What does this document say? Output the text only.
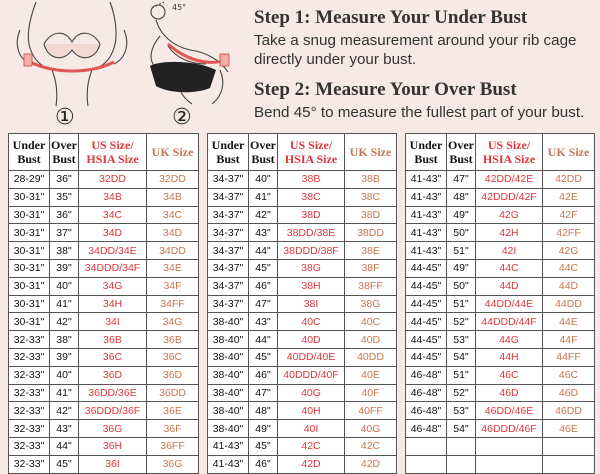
45°
①	②

Step 1: Measure Your Under Bust

Take a snug measurement around your rib cage directly under your bust.

Step 2: Measure Your Over Bust

Bend 45° to measure the fullest part of your bust.

Under Bust	Over Bust	US Size/ HSIA Size	UK Size
28-29"	36"	32DD	32DD
30-31"	35"	34B	34B
30-31"	36"	34C	34C
30-31"	37"	34D	34D
30-31"	38"	34DD/34E	34DD
30-31"	39"	34DDD/34F	34E
30-31"	40"	34G	34F
30-31"	41"	34H	34FF
30-31"	42"	34I	34G
32-33"	38"	36B	36B
32-33"	39"	36C	36C
32-33"	40"	36D	36D
32-33"	41"	36DD/36E	36DD
32-33"	42"	36DDD/36F	36E
32-33"	43"	36G	36F
32-33"	44"	36H	36FF
32-33"	45"	36I	36G
Under Bust	Over Bust	US Size/ HSIA Size	UK Size
34-37"	40"	38B	38B
34-37"	41"	38C	38C
34-37"	42"	38D	38D
34-37"	43"	38DD/38E	38DD
34-37"	44"	38DDD/38F	38E
34-37"	45"	38G	38F
34-37"	46"	38H	38FF
34-37"	47"	38I	38G
38-40"	43"	40C	40C
38-40"	44"	40D	40D
38-40"	45"	40DD/40E	40DD
38-40"	46"	40DDD/40F	40E
38-40"	47"	40G	40F
38-40"	48"	40H	40FF
38-40"	49"	40I	40G
41-43"	45"	42C	42C
41-43"	46"	42D	42D
Under Bust	Over Bust	US Size/ HSIA Size	UK Size
41-43"	47"	42DD/42E	42DD
41-43"	48"	42DDD/42F	42E
41-43"	49"	42G	42F
41-43"	50"	42H	42FF
41-43"	51"	42I	42G
44-45"	49"	44C	44C
44-45"	50"	44D	44D
44-45"	51"	44DD/44E	44DD
44-45"	52"	44DDD/44F	44E
44-45"	53"	44G	44F
44-45"	54"	44H	44FF
46-48"	51"	46C	46C
46-48"	52"	46D	46D
46-48"	53"	46DD/46E	46DD
46-48"	54"	46DDD/46F	46E
